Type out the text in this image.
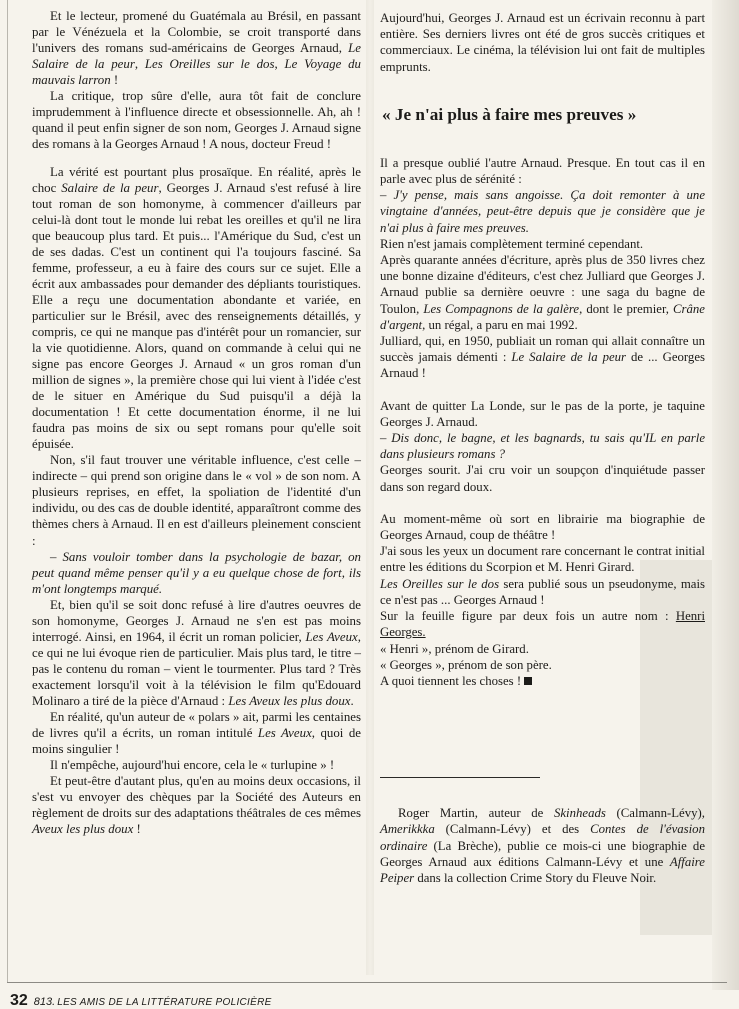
Et le lecteur, promené du Guatémala au Brésil, en passant par le Vénézuela et la Colombie, se croit transporté dans l'univers des romans sud-américains de Georges Arnaud, Le Salaire de la peur, Les Oreilles sur le dos, Le Voyage du mauvais larron !

La critique, trop sûre d'elle, aura tôt fait de conclure imprudemment à l'influence directe et obsessionnelle. Ah, ah ! quand il peut enfin signer de son nom, Georges J. Arnaud signe des romans à la Georges Arnaud ! A nous, docteur Freud !

La vérité est pourtant plus prosaïque. En réalité, après le choc Salaire de la peur, Georges J. Arnaud s'est refusé à lire tout roman de son homonyme, à commencer d'ailleurs par celui-là dont tout le monde lui rebat les oreilles et qu'il ne lira que beaucoup plus tard. Et puis... l'Amérique du Sud, c'est un de ses dadas. C'est un continent qui l'a toujours fasciné. Sa femme, professeur, a eu à faire des cours sur ce sujet. Elle a écrit aux ambassades pour demander des dépliants touristiques. Elle a reçu une documentation abondante et variée, en particulier sur le Brésil, avec des renseignements détaillés, y compris, ce qui ne manque pas d'intérêt pour un romancier, sur la vie quotidienne. Alors, quand on commande à celui qui ne signe pas encore Georges J. Arnaud « un gros roman d'un million de signes », la première chose qui lui vient à l'idée c'est de le situer en Amérique du Sud puisqu'il a déjà la documentation ! Et cette documentation énorme, il ne lui faudra pas moins de six ou sept romans pour qu'elle soit épuisée.

Non, s'il faut trouver une véritable influence, c'est celle – indirecte – qui prend son origine dans le « vol » de son nom. A plusieurs reprises, en effet, la spoliation de l'identité d'un individu, ou des cas de double identité, apparaîtront comme des thèmes chers à Arnaud. Il en est d'ailleurs pleinement conscient :

– Sans vouloir tomber dans la psychologie de bazar, on peut quand même penser qu'il y a eu quelque chose de fort, ils m'ont longtemps marqué.

Et, bien qu'il se soit donc refusé à lire d'autres oeuvres de son homonyme, Georges J. Arnaud ne s'en est pas moins interrogé. Ainsi, en 1964, il écrit un roman policier, Les Aveux, ce qui ne lui évoque rien de particulier. Mais plus tard, le titre – pas le contenu du roman – vient le tourmenter. Plus tard ? Très exactement lorsqu'il voit à la télévision le film qu'Edouard Molinaro a tiré de la pièce d'Arnaud : Les Aveux les plus doux.

En réalité, qu'un auteur de « polars » ait, parmi les centaines de livres qu'il a écrits, un roman intitulé Les Aveux, quoi de moins singulier !

Il n'empêche, aujourd'hui encore, cela le « turlupine » !

Et peut-être d'autant plus, qu'en au moins deux occasions, il s'est vu envoyer des chèques par la Société des Auteurs en règlement de droits sur des adaptations théâtrales de ces mêmes Aveux les plus doux !

Aujourd'hui, Georges J. Arnaud est un écrivain reconnu à part entière. Ses derniers livres ont été de gros succès critiques et commerciaux. Le cinéma, la télévision lui ont fait de multiples emprunts.

« Je n'ai plus à faire mes preuves »

Il a presque oublié l'autre Arnaud. Presque. En tout cas il en parle avec plus de sérénité :

– J'y pense, mais sans angoisse. Ça doit remonter à une vingtaine d'années, peut-être depuis que je considère que je n'ai plus à faire mes preuves.

Rien n'est jamais complètement terminé cependant.

Après quarante années d'écriture, après plus de 350 livres chez une bonne dizaine d'éditeurs, c'est chez Julliard que Georges J. Arnaud publie sa dernière oeuvre : une saga du bagne de Toulon, Les Compagnons de la galère, dont le premier, Crâne d'argent, un régal, a paru en mai 1992.

Julliard, qui, en 1950, publiait un roman qui allait connaître un succès jamais démenti : Le Salaire de la peur de ... Georges Arnaud !

Avant de quitter La Londe, sur le pas de la porte, je taquine Georges J. Arnaud.

– Dis donc, le bagne, et les bagnards, tu sais qu'IL en parle dans plusieurs romans ?

Georges sourit. J'ai cru voir un soupçon d'inquiétude passer dans son regard doux.

Au moment-même où sort en librairie ma biographie de Georges Arnaud, coup de théâtre !

J'ai sous les yeux un document rare concernant le contrat initial entre les éditions du Scorpion et M. Henri Girard.

Les Oreilles sur le dos sera publié sous un pseudonyme, mais ce n'est pas ... Georges Arnaud !

Sur la feuille figure par deux fois un autre nom : Henri Georges.

« Henri », prénom de Girard.

« Georges », prénom de son père.

A quoi tiennent les choses !

Roger Martin, auteur de Skinheads (Calmann-Lévy), Amerikkka (Calmann-Lévy) et des Contes de l'évasion ordinaire (La Brèche), publie ce mois-ci une biographie de Georges Arnaud aux éditions Calmann-Lévy et une Affaire Peiper dans la collection Crime Story du Fleuve Noir.

32 813. LES AMIS DE LA LITTÉRATURE POLICIÈRE
